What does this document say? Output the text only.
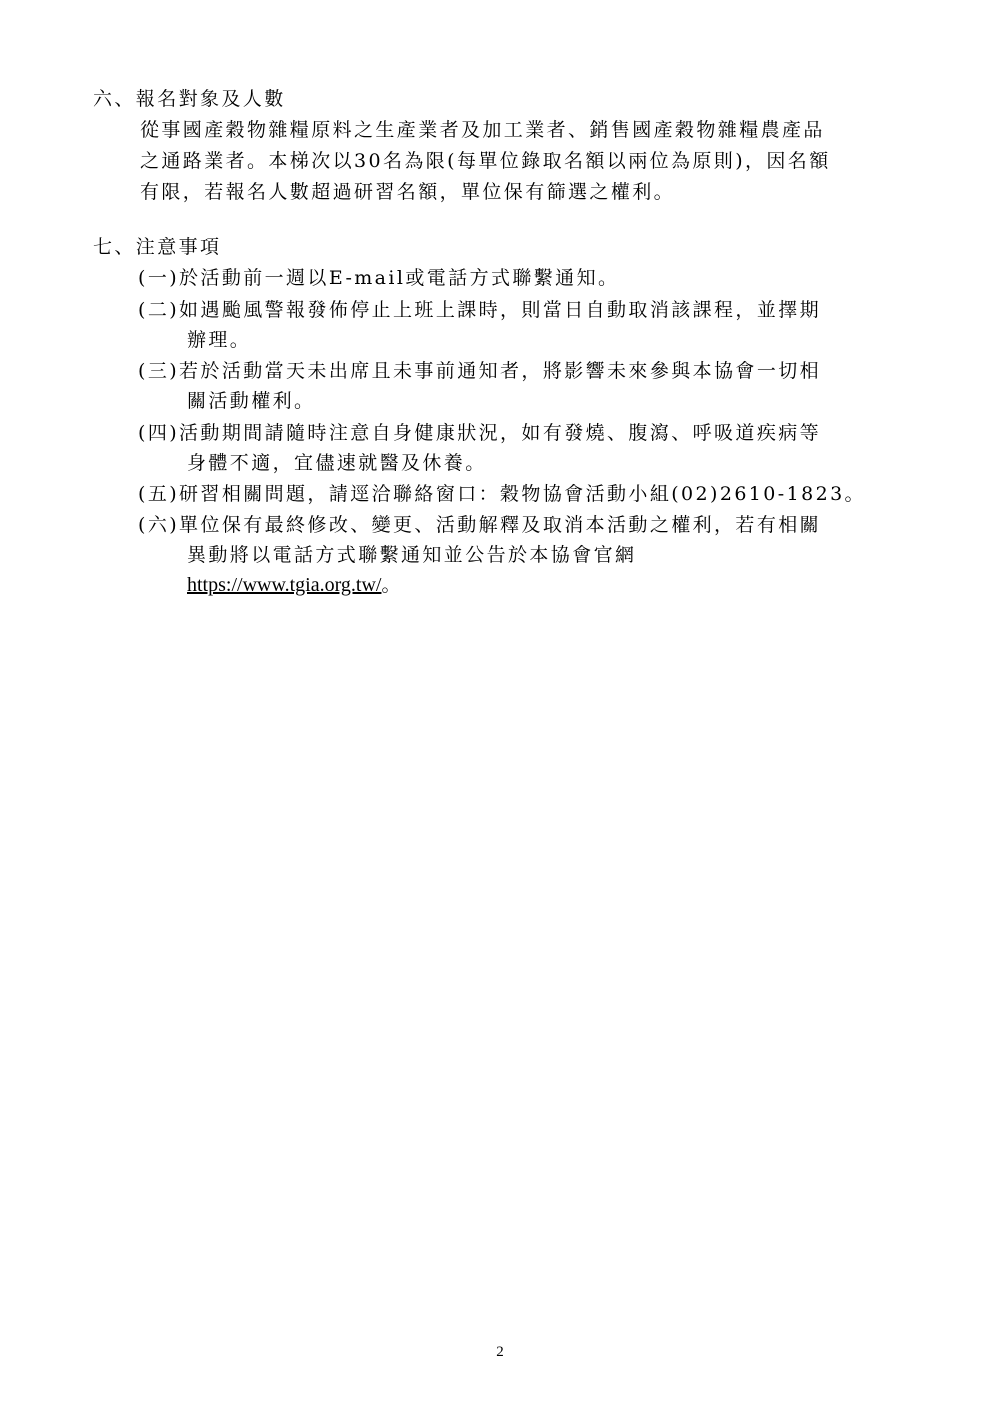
六、報名對象及人數
從事國產穀物雜糧原料之生產業者及加工業者、銷售國產穀物雜糧農產品
之通路業者。本梯次以30名為限(每單位錄取名額以兩位為原則)，因名額
有限，若報名人數超過研習名額，單位保有篩選之權利。
七、注意事項
(一)於活動前一週以E-mail或電話方式聯繫通知。
(二)如遇颱風警報發佈停止上班上課時，則當日自動取消該課程，並擇期
辦理。
(三)若於活動當天未出席且未事前通知者，將影響未來參與本協會一切相
關活動權利。
(四)活動期間請隨時注意自身健康狀況，如有發燒、腹瀉、呼吸道疾病等
身體不適，宜儘速就醫及休養。
(五)研習相關問題，請逕洽聯絡窗口：穀物協會活動小組(02)2610-1823。
(六)單位保有最終修改、變更、活動解釋及取消本活動之權利，若有相關
異動將以電話方式聯繫通知並公告於本協會官網
https://www.tgia.org.tw/。
2
